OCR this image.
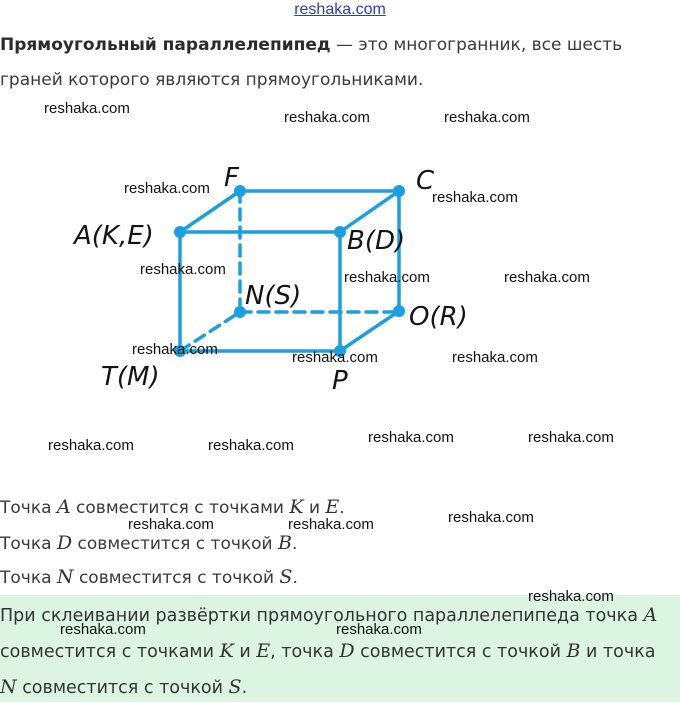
reshaka.com
Прямоугольный параллелепипед — это многогранник, все шесть граней которого являются прямоугольниками.
F	C
A(K,E)	B(D)
N(S)
O(R)
T(M)	P
reshaka.com
reshaka.com	reshaka.com
reshaka.com
reshaka.com
reshaka.com	reshaka.com	reshaka.com
reshaka.com	reshaka.com	reshaka.com
reshaka.com	reshaka.com	reshaka.com	reshaka.com
Точка A совместится с точками K и E.
Точка D совместится с точкой B.
Точка N совместится с точкой S.
При склеивании развёртки прямоугольного параллелепипеда точка A совместится с точками K и E, точка D совместится с точкой B и точка N совместится с точкой S.
reshaka.com	reshaka.com	reshaka.com
reshaka.com
reshaka.com	reshaka.com
